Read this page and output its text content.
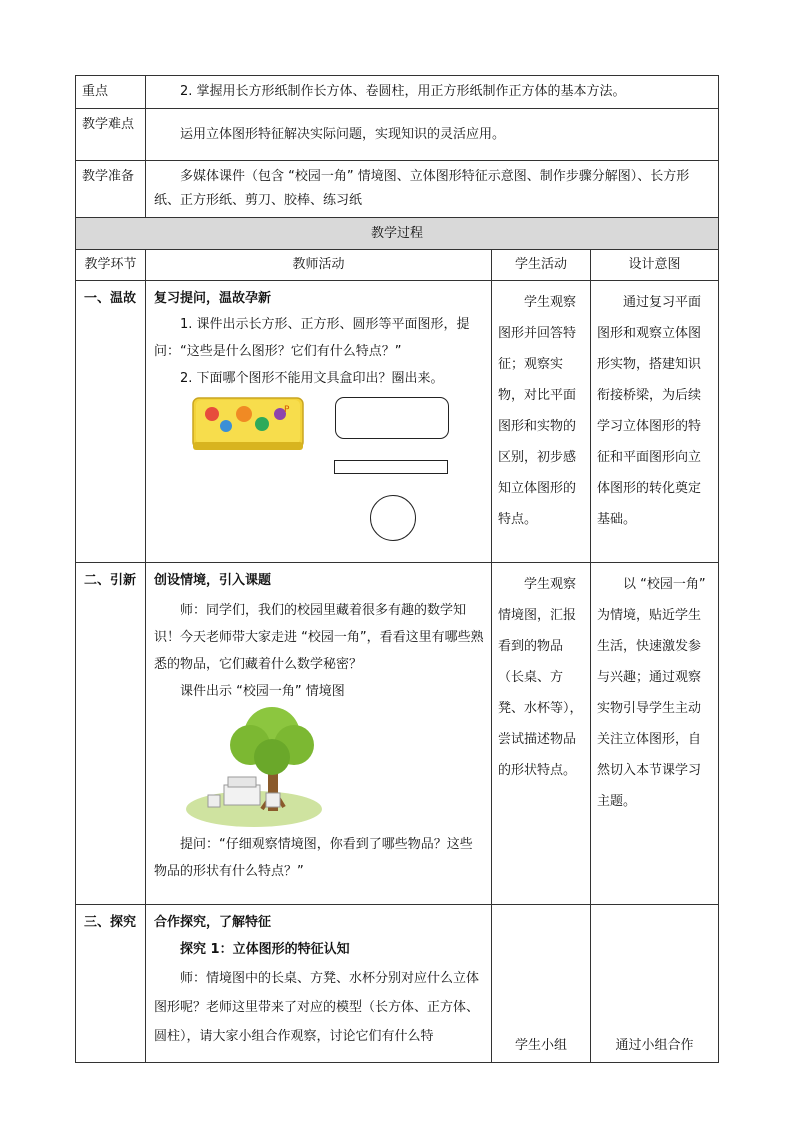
重点	2. 掌握用长方形纸制作长方体、卷圆柱，用正方形纸制作正方体的基本方法。		
教学难点	运用立体图形特征解决实际问题，实现知识的灵活应用。		
教学准备	多媒体课件（包含 “校园一角” 情境图、立体图形特征示意图、制作步骤分解图）、长方形纸、正方形纸、剪刀、胶棒、练习纸		
教学过程			
教学环节	教师活动	学生活动	设计意图
一、温故	复习提问，温故孕新

1. 课件出示长方形、正方形、圆形等平面图形，提问：“这些是什么图形？它们有什么特点？”

2. 下面哪个图形不能用文具盒印出？圈出来。

P	学生观察图形并回答特征；观察实物，对比平面图形和实物的区别，初步感知立体图形的特点。	通过复习平面图形和观察立体图形实物，搭建知识衔接桥梁，为后续学习立体图形的特征和平面图形向立体图形的转化奠定基础。
二、引新	创设情境，引入课题

师：同学们，我们的校园里藏着很多有趣的数学知识！今天老师带大家走进 “校园一角”，看看这里有哪些熟悉的物品，它们藏着什么数学秘密？

课件出示 “校园一角” 情境图

提问：“仔细观察情境图，你看到了哪些物品？这些物品的形状有什么特点？”	学生观察情境图，汇报看到的物品（长桌、方凳、水杯等），尝试描述物品的形状特点。	以 “校园一角” 为情境，贴近学生生活，快速激发参与兴趣；通过观察实物引导学生主动关注立体图形，自然切入本节课学习主题。
三、探究	合作探究，了解特征

探究 1：立体图形的特征认知

师：情境图中的长桌、方凳、水杯分别对应什么立体图形呢？老师这里带来了对应的模型（长方体、正方体、圆柱），请大家小组合作观察，讨论它们有什么特	学生小组	通过小组合作
